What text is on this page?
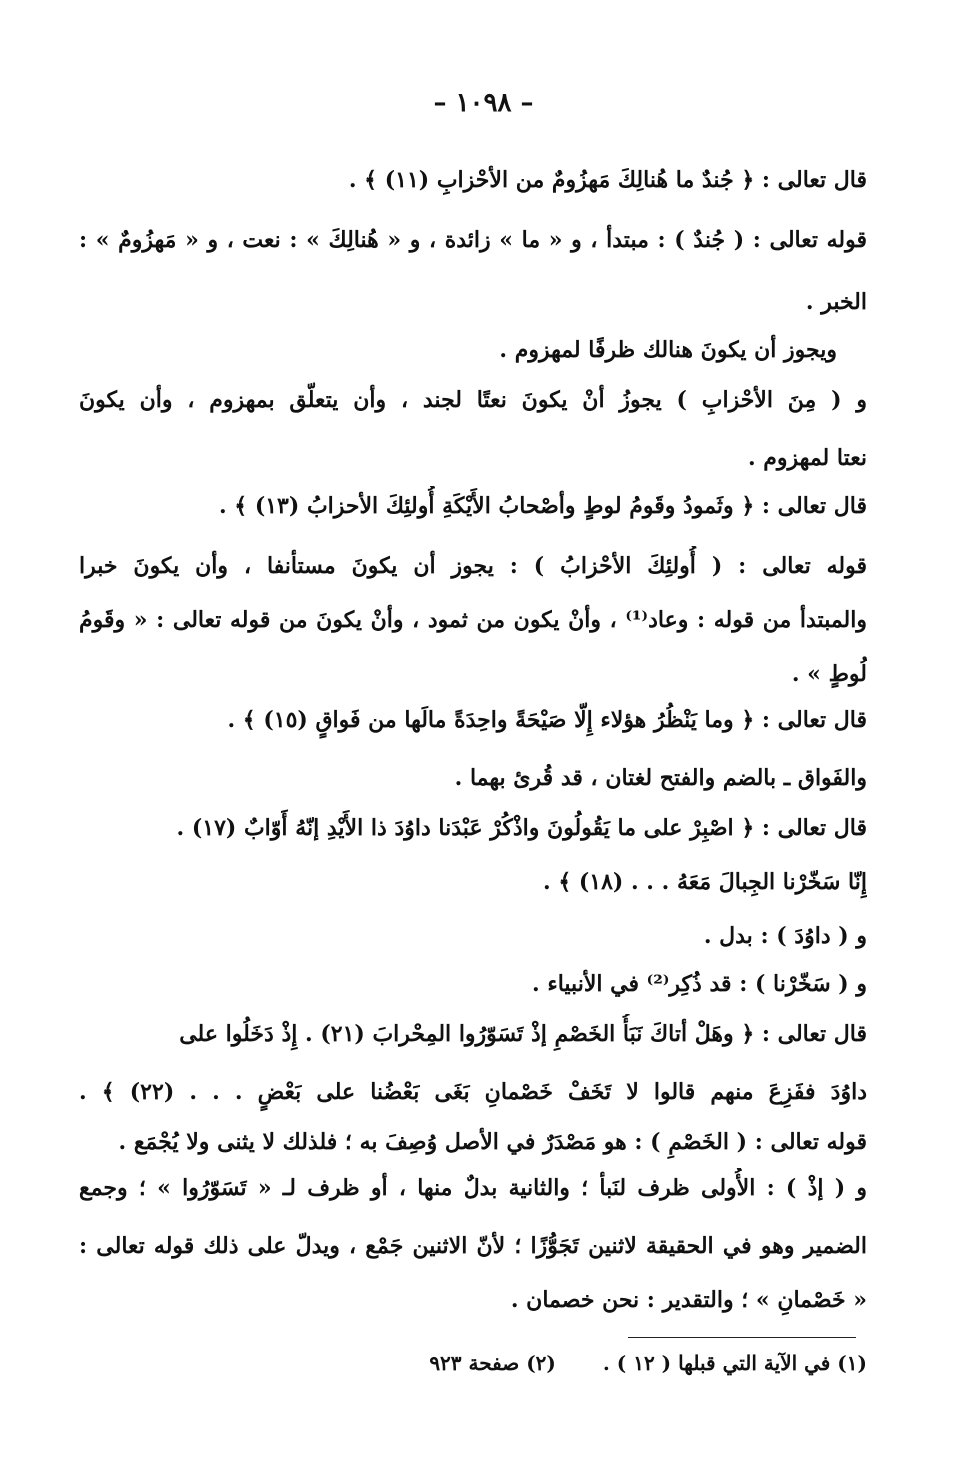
– ١٠٩٨ –
قال تعالى : ﴿ جُندٌ ما هُنالِكَ مَهزُومٌ من الأحْزابِ (١١) ﴾ .
قوله تعالى : ( جُندٌ ) : مبتدأ ، و « ما » زائدة ، و « هُنالِكَ » : نعت ، و « مَهزُومٌ » :
الخبر .
ويجوز أن يكونَ هنالك ظرفًا لمهزوم .
و ( مِنَ الأحْزابِ ) يجوزُ أنْ يكونَ نعتًا لجند ، وأن يتعلّق بمهزوم ، وأن يكونَ
نعتا لمهزوم .
قال تعالى : ﴿ وثَمودُ وقَومُ لوطٍ وأصْحابُ الأَيْكَةِ أُولئِكَ الأحزابُ (١٣) ﴾ .
قوله تعالى : ( أُولئِكَ الأحْزابُ ) : يجوز أن يكونَ مستأنفا ، وأن يكونَ خبرا
والمبتدأ من قوله : وعاد⁽¹⁾ ، وأنْ يكون من ثمود ، وأنْ يكونَ من قوله تعالى : « وقَومُ
لُوطٍ » .
قال تعالى : ﴿ وما يَنْظُرُ هؤلاء إِلّا صَيْحَةً واحِدَةً مالَها من فَواقٍ (١٥) ﴾ .
والفَواق ـ بالضم والفتح لغتان ، قد قُرئ بهما .
قال تعالى : ﴿ اصْبِرْ على ما يَقُولُونَ واذْكُرْ عَبْدَنا داوُدَ ذا الأَيْدِ إنّهُ أَوّابٌ (١٧) .
إِنّا سَخّرْنا الجِبالَ مَعَهُ . . . (١٨) ﴾ .
و ( داوُدَ ) : بدل .
و ( سَخّرْنا ) : قد ذُكِر⁽²⁾ في الأنبياء .
قال تعالى : ﴿ وهَلْ أتاكَ نَبَأُ الخَصْمِ إذْ تَسَوّرُوا المِحْرابَ (٢١) . إِذْ دَخَلُوا على
داوُدَ ففَزِعَ منهم قالوا لا تَخَفْ خَصْمانِ بَغَى بَعْضُنا على بَعْضٍ . . . (٢٢) ﴾ .
قوله تعالى : ( الخَصْمِ ) : هو مَصْدَرٌ في الأصل وُصِفَ به ؛ فلذلك لا يثنى ولا يُجْمَع .
و ( إذْ ) : الأُولى ظرف لنَبأ ؛ والثانية بدلٌ منها ، أو ظرف لـ « تَسَوّرُوا » ؛ وجمع
الضمير وهو في الحقيقة لاثنين تَجَوُّزًا ؛ لأنّ الاثنين جَمْع ، ويدلّ على ذلك قوله تعالى :
« خَصْمانِ » ؛ والتقدير : نحن خصمان .
(١) في الآية التي قبلها ( ١٢ ) . (٢) صفحة ٩٢٣
